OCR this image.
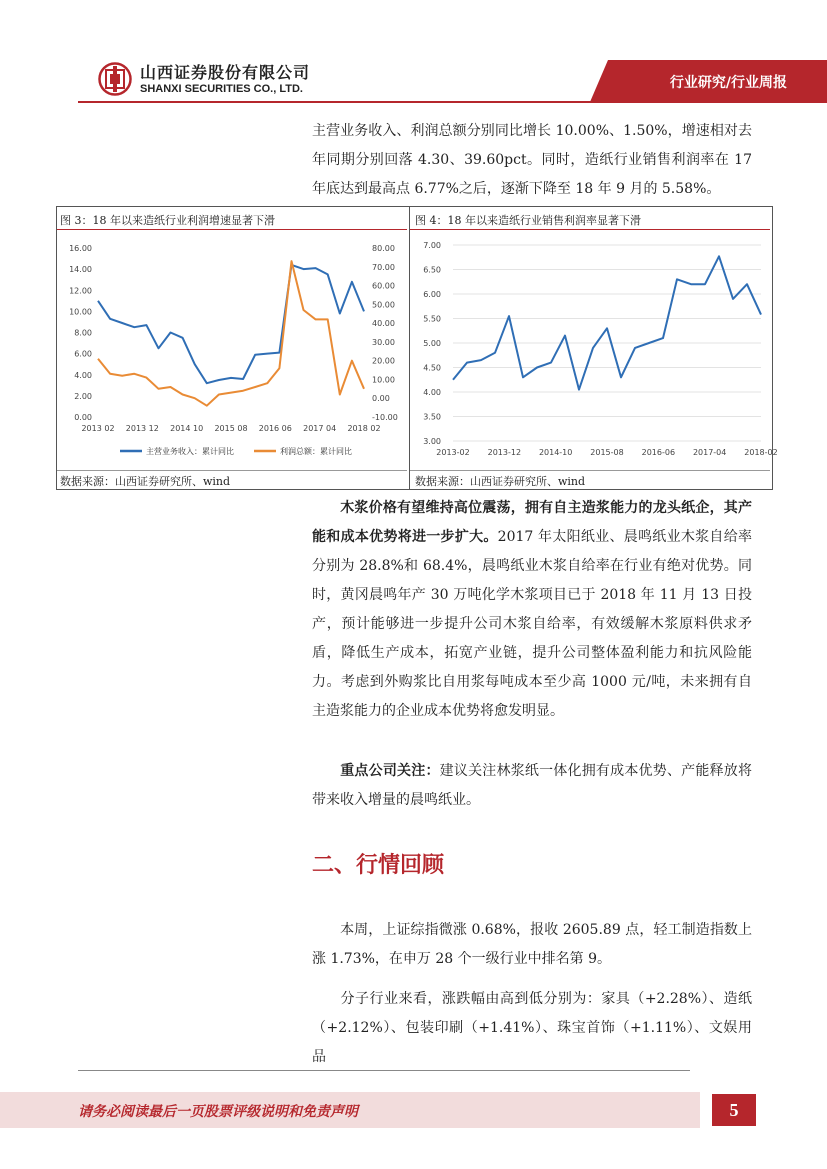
山西证券股份有限公司
SHANXI SECURITIES CO., LTD.	行业研究/行业周报
主营业务收入、利润总额分别同比增长 10.00%、1.50%，增速相对去年同期分别回落 4.30、39.60pct。同时，造纸行业销售利润率在 17 年底达到最高点 6.77%之后，逐渐下降至 18 年 9 月的 5.58%。
图 3：18 年以来造纸行业利润增速显著下滑
0.00
2.00
4.00
6.00
8.00
10.00
12.00
14.00
16.00
-10.00
0.00
10.00
20.00
30.00
40.00
50.00
60.00
70.00
80.00
2013 02 2013 12 2014 10 2015 08 2016 06 2017 04 2018 02
主营业务收入：累计同比	利润总额：累计同比
数据来源：山西证券研究所、wind
图 4：18 年以来造纸行业销售利润率显著下滑
3.00
3.50
4.00
4.50
5.00
5.50
6.00
6.50
7.00
2013-02 2013-12 2014-10 2015-08 2016-06 2017-04 2018-02
数据来源：山西证券研究所、wind
木浆价格有望维持高位震荡，拥有自主造浆能力的龙头纸企，其产能和成本优势将进一步扩大。2017 年太阳纸业、晨鸣纸业木浆自给率分别为 28.8%和 68.4%，晨鸣纸业木浆自给率在行业有绝对优势。同时，黄冈晨鸣年产 30 万吨化学木浆项目已于 2018 年 11 月 13 日投产，预计能够进一步提升公司木浆自给率，有效缓解木浆原料供求矛盾，降低生产成本，拓宽产业链，提升公司整体盈利能力和抗风险能力。考虑到外购浆比自用浆每吨成本至少高 1000 元/吨，未来拥有自主造浆能力的企业成本优势将愈发明显。
重点公司关注：建议关注林浆纸一体化拥有成本优势、产能释放将带来收入增量的晨鸣纸业。
二、行情回顾
本周，上证综指微涨 0.68%，报收 2605.89 点，轻工制造指数上涨 1.73%，在申万 28 个一级行业中排名第 9。
分子行业来看，涨跌幅由高到低分别为：家具（+2.28%）、造纸（+2.12%）、包装印刷（+1.41%）、珠宝首饰（+1.11%）、文娱用品
请务必阅读最后一页股票评级说明和免责声明	5
